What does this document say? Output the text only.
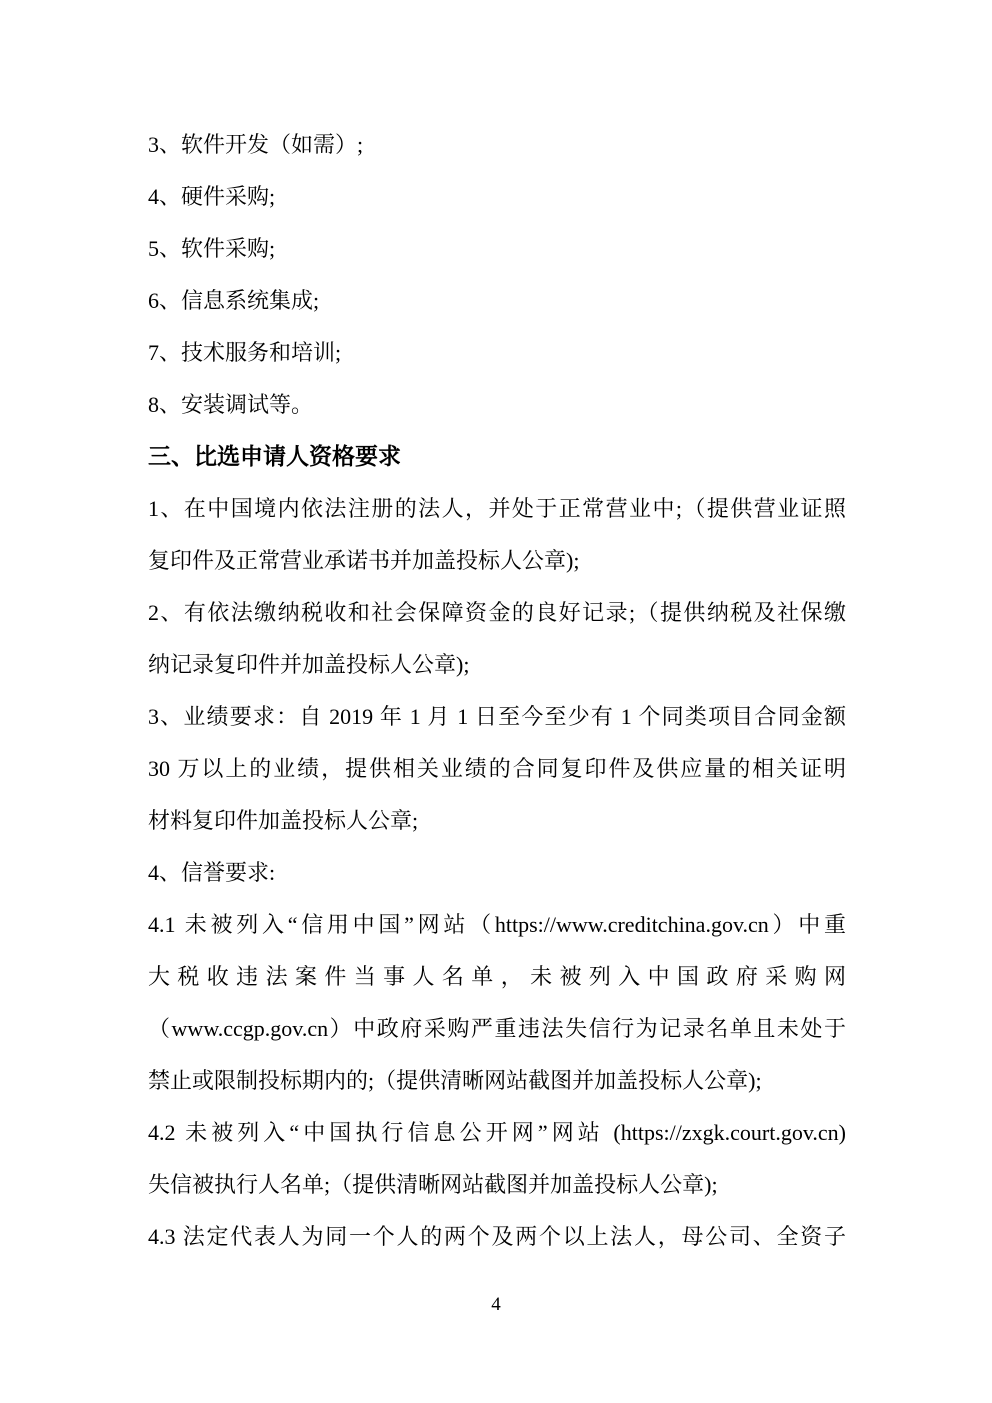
3、软件开发（如需）;
4、硬件采购;
5、软件采购;
6、信息系统集成;
7、技术服务和培训;
8、安装调试等。
三、比选申请人资格要求
1、在中国境内依法注册的法人，并处于正常营业中;（提供营业证照
复印件及正常营业承诺书并加盖投标人公章);
2、有依法缴纳税收和社会保障资金的良好记录;（提供纳税及社保缴
纳记录复印件并加盖投标人公章);
3、业绩要求：自 2019 年 1 月 1 日至今至少有 1 个同类项目合同金额
30 万以上的业绩，提供相关业绩的合同复印件及供应量的相关证明
材料复印件加盖投标人公章;
4、信誉要求:
4.1 未被列入“信用中国”网站（https://www.creditchina.gov.cn）中重
大税收违法案件当事人名单，未被列入中国政府采购网
（www.ccgp.gov.cn）中政府采购严重违法失信行为记录名单且未处于
禁止或限制投标期内的;（提供清晰网站截图并加盖投标人公章);
4.2 未被列入“中国执行信息公开网”网站 (https://zxgk.court.gov.cn)
失信被执行人名单;（提供清晰网站截图并加盖投标人公章);
4.3 法定代表人为同一个人的两个及两个以上法人，母公司、全资子
4
